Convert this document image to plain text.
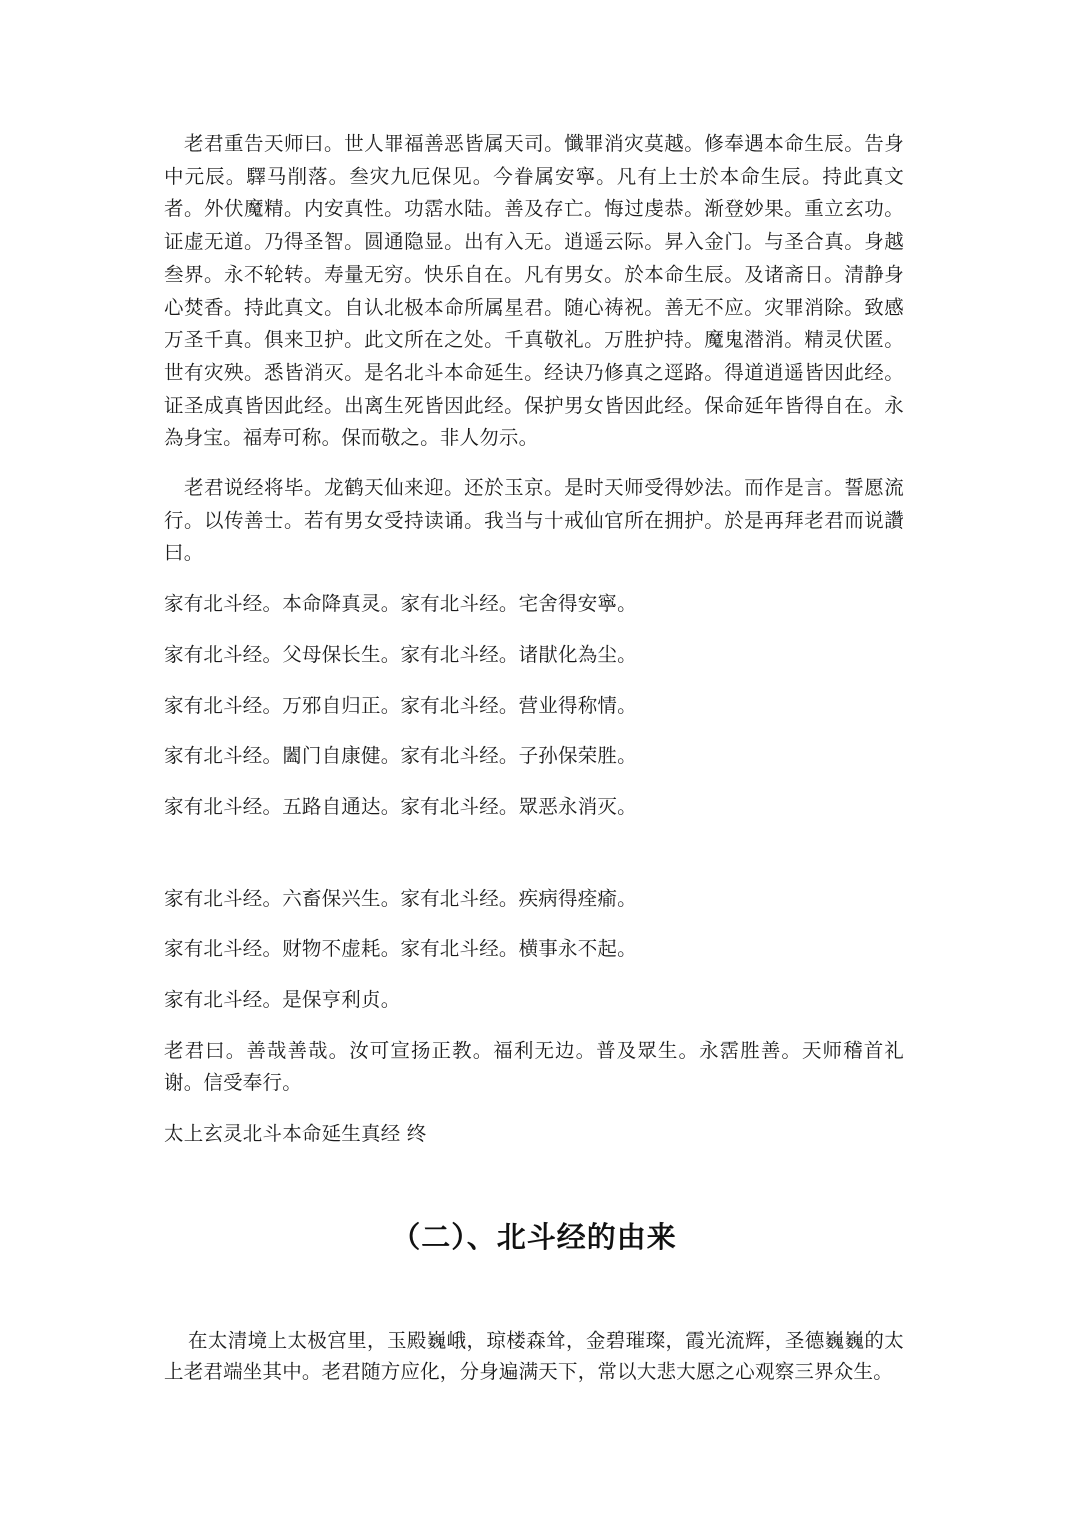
老君重告天师曰。世人罪福善恶皆属天司。懺罪消灾莫越。修奉遇本命生辰。告身中元辰。驛马削落。叁灾九厄保见。今眷属安寧。凡有上士於本命生辰。持此真文者。外伏魔精。内安真性。功霑水陆。善及存亡。悔过虔恭。渐登妙果。重立玄功。证虚无道。乃得圣智。圆通隐显。出有入无。逍遥云际。昇入金门。与圣合真。身越叁界。永不轮转。寿量无穷。快乐自在。凡有男女。於本命生辰。及诸斋日。清静身心焚香。持此真文。自认北极本命所属星君。随心祷祝。善无不应。灾罪消除。致感万圣千真。俱来卫护。此文所在之处。千真敬礼。万胜护持。魔鬼潜消。精灵伏匿。世有灾殃。悉皆消灭。是名北斗本命延生。经诀乃修真之逕路。得道逍遥皆因此经。证圣成真皆因此经。出离生死皆因此经。保护男女皆因此经。保命延年皆得自在。永為身宝。福寿可称。保而敬之。非人勿示。

老君说经将毕。龙鹤天仙来迎。还於玉京。是时天师受得妙法。而作是言。誓愿流行。以传善士。若有男女受持读诵。我当与十戒仙官所在拥护。於是再拜老君而说讚曰。

家有北斗经。本命降真灵。家有北斗经。宅舍得安寧。

家有北斗经。父母保长生。家有北斗经。诸猒化為尘。

家有北斗经。万邪自归正。家有北斗经。营业得称情。

家有北斗经。闔门自康健。家有北斗经。子孙保荣胜。

家有北斗经。五路自通达。家有北斗经。眾恶永消灭。

家有北斗经。六畜保兴生。家有北斗经。疾病得痊瘉。

家有北斗经。财物不虚耗。家有北斗经。横事永不起。

家有北斗经。是保亨利贞。

老君曰。善哉善哉。汝可宣扬正教。福利无边。普及眾生。永霑胜善。天师稽首礼谢。信受奉行。

太上玄灵北斗本命延生真经 终

（二）、北斗经的由来

在太清境上太极宫里，玉殿巍峨，琼楼森耸，金碧璀璨，霞光流辉，圣德巍巍的太上老君端坐其中。老君随方应化，分身遍满天下，常以大悲大愿之心观察三界众生。
